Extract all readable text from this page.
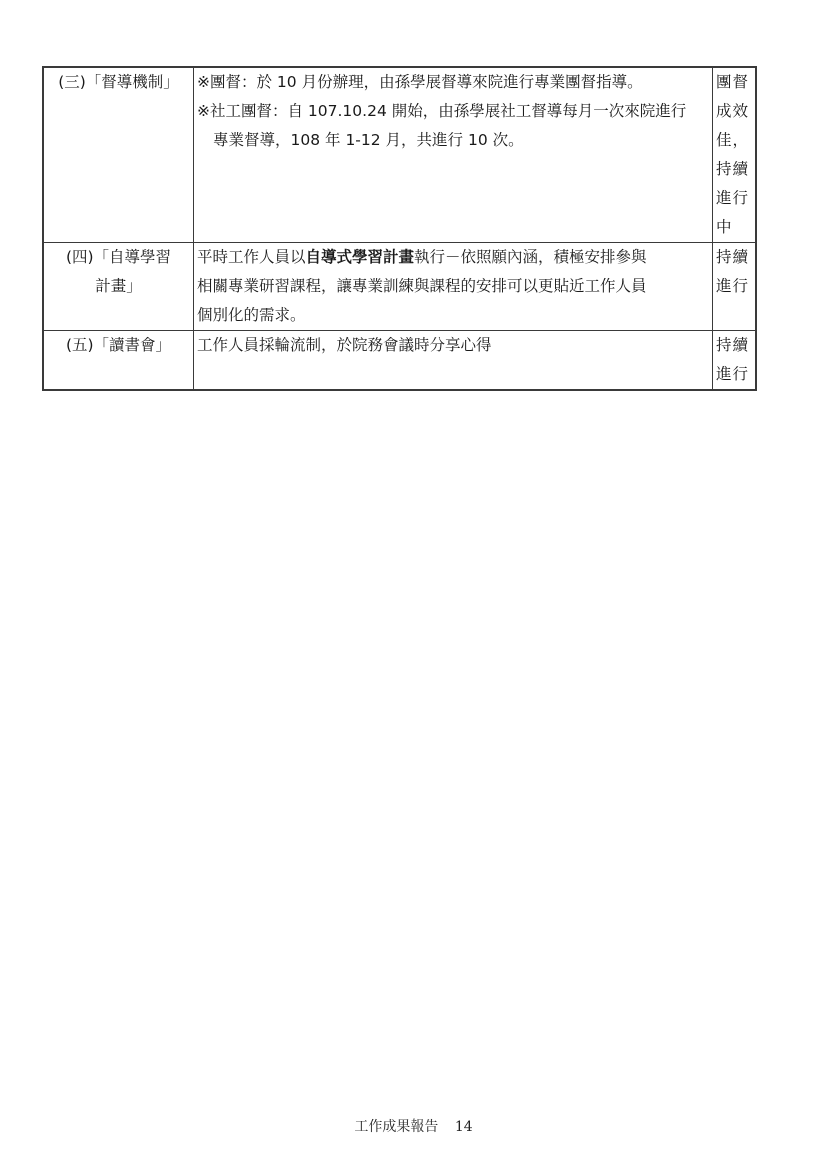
(三)「督導機制」	※團督：於 10 月份辦理，由孫學展督導來院進行專業團督指導。
※社工團督：自 107.10.24 開始，由孫學展社工督導每月一次來院進行
專業督導，108 年 1-12 月，共進行 10 次。	團督成效佳，持續進行中

(四)「自導學習
計畫」	平時工作人員以自導式學習計畫執行－依照願內涵，積極安排參與
相關專業研習課程，讓專業訓練與課程的安排可以更貼近工作人員
個別化的需求。	持續進行

(五)「讀書會」	工作人員採輪流制，於院務會議時分享心得	持續進行
工作成果報告 14
